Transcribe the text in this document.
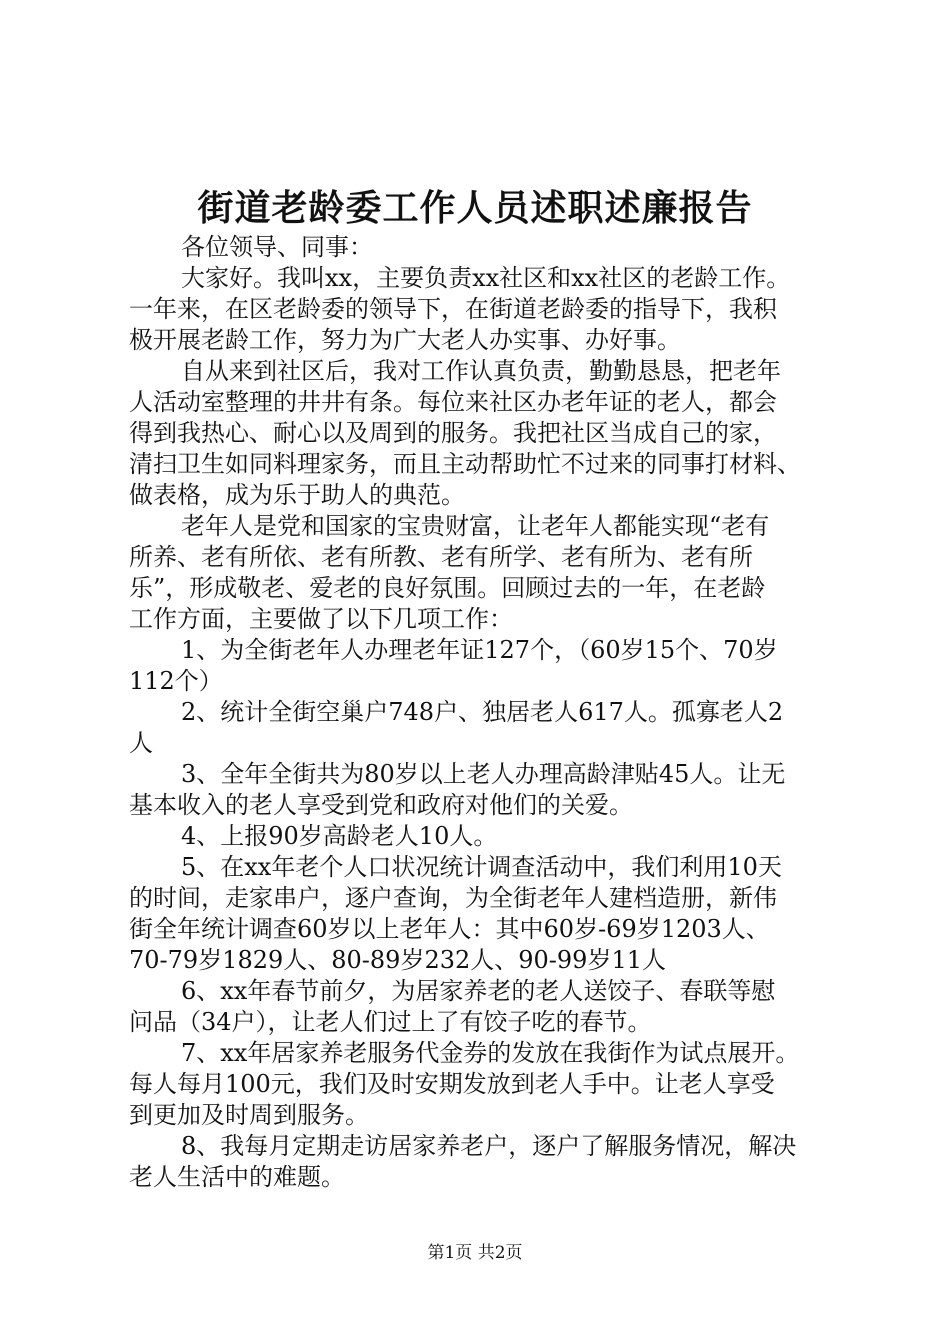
街道老龄委工作人员述职述廉报告
各位领导、同事：
大家好。我叫xx，主要负责xx社区和xx社区的老龄工作。
一年来，在区老龄委的领导下，在街道老龄委的指导下，我积
极开展老龄工作，努力为广大老人办实事、办好事。
自从来到社区后，我对工作认真负责，勤勤恳恳，把老年
人活动室整理的井井有条。每位来社区办老年证的老人，都会
得到我热心、耐心以及周到的服务。我把社区当成自己的家，
清扫卫生如同料理家务，而且主动帮助忙不过来的同事打材料、
做表格，成为乐于助人的典范。
老年人是党和国家的宝贵财富，让老年人都能实现“老有
所养、老有所依、老有所教、老有所学、老有所为、老有所
乐”，形成敬老、爱老的良好氛围。回顾过去的一年，在老龄
工作方面，主要做了以下几项工作：
1、为全街老年人办理老年证127个，（60岁15个、70岁
112个）
2、统计全街空巢户748户、独居老人617人。孤寡老人2
人
3、全年全街共为80岁以上老人办理高龄津贴45人。让无
基本收入的老人享受到党和政府对他们的关爱。
4、上报90岁高龄老人10人。
5、在xx年老个人口状况统计调查活动中，我们利用10天
的时间，走家串户，逐户查询，为全街老年人建档造册，新伟
街全年统计调查60岁以上老年人：其中60岁-69岁1203人、
70-79岁1829人、80-89岁232人、90-99岁11人
6、xx年春节前夕，为居家养老的老人送饺子、春联等慰
问品（34户），让老人们过上了有饺子吃的春节。
7、xx年居家养老服务代金券的发放在我街作为试点展开。
每人每月100元，我们及时安期发放到老人手中。让老人享受
到更加及时周到服务。
8、我每月定期走访居家养老户，逐户了解服务情况，解决
老人生活中的难题。
第1页 共2页
